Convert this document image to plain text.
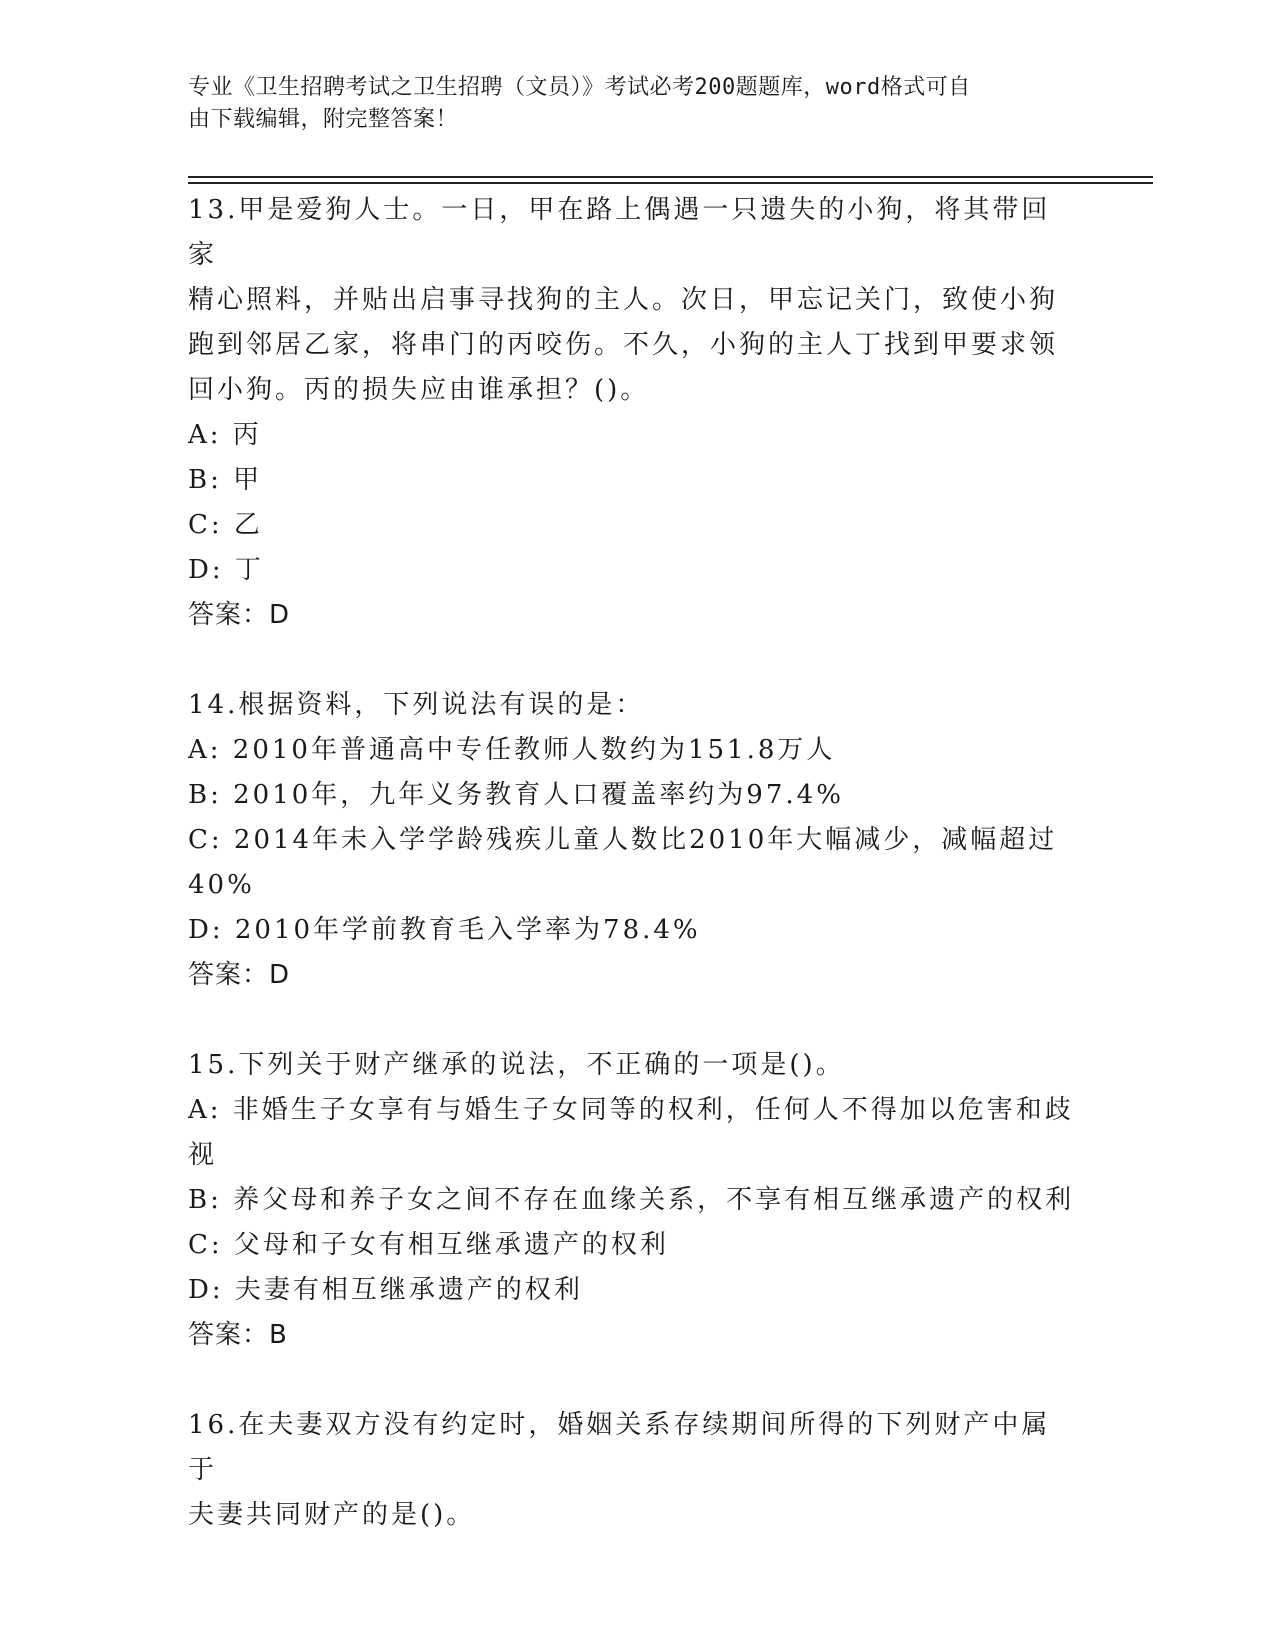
专业《卫生招聘考试之卫生招聘（文员）》考试必考200题题库，word格式可自
由下载编辑，附完整答案！
13.甲是爱狗人士。一日，甲在路上偶遇一只遗失的小狗，将其带回家
精心照料，并贴出启事寻找狗的主人。次日，甲忘记关门，致使小狗
跑到邻居乙家，将串门的丙咬伤。不久，小狗的主人丁找到甲要求领
回小狗。丙的损失应由谁承担？()。
A: 丙
B: 甲
C: 乙
D: 丁
答案：D
14.根据资料，下列说法有误的是：
A: 2010年普通高中专任教师人数约为151.8万人
B: 2010年，九年义务教育人口覆盖率约为97.4%
C: 2014年未入学学龄残疾儿童人数比2010年大幅减少，减幅超过
40%
D: 2010年学前教育毛入学率为78.4%
答案：D
15.下列关于财产继承的说法，不正确的一项是()。
A: 非婚生子女享有与婚生子女同等的权利，任何人不得加以危害和歧
视
B: 养父母和养子女之间不存在血缘关系，不享有相互继承遗产的权利
C: 父母和子女有相互继承遗产的权利
D: 夫妻有相互继承遗产的权利
答案：B
16.在夫妻双方没有约定时，婚姻关系存续期间所得的下列财产中属于
夫妻共同财产的是()。
